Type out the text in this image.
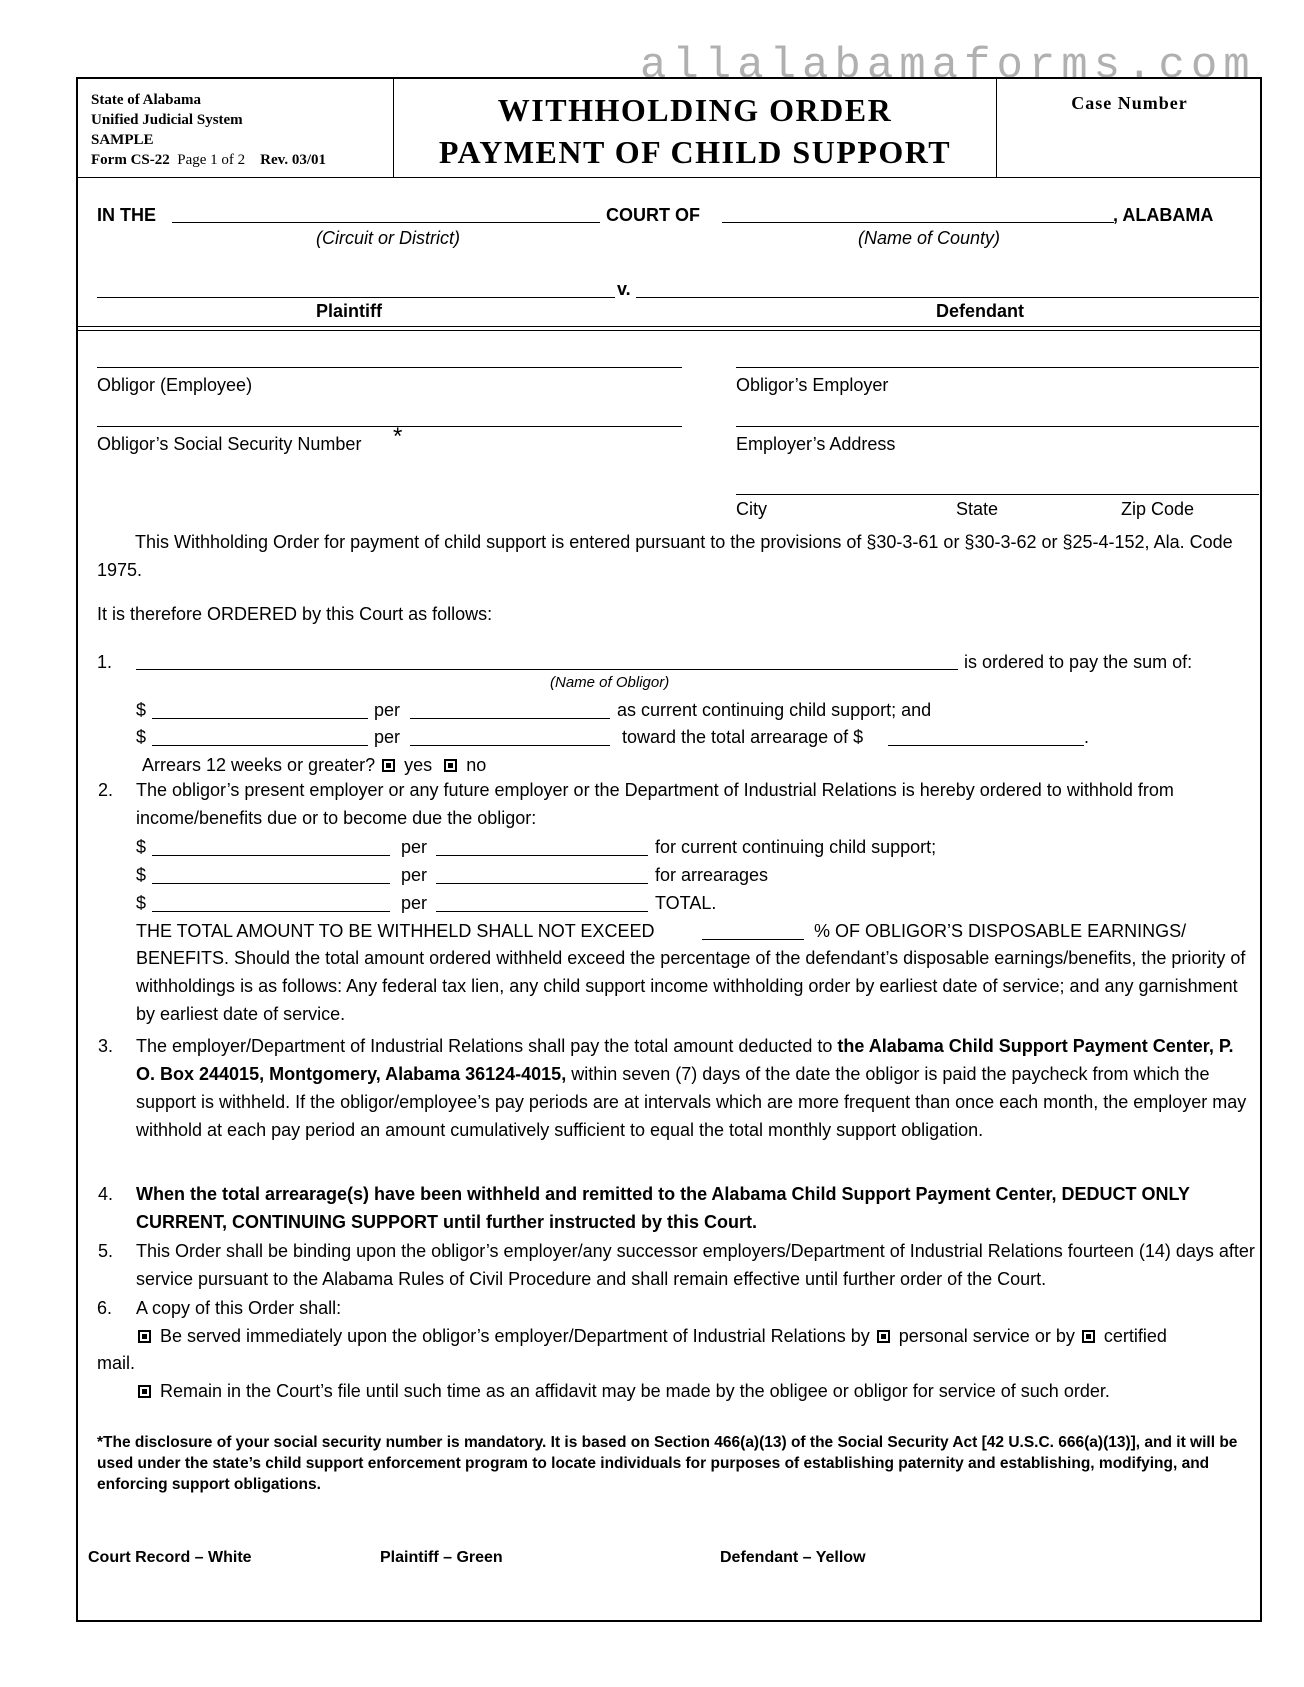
allalabamaforms.com
State of Alabama
Unified Judicial System
SAMPLE
Form CS-22 Page 1 of 2 Rev. 03/01
WITHHOLDING ORDER
PAYMENT OF CHILD SUPPORT
Case Number
IN THE	COURT OF	, ALABAMA
(Circuit or District)	(Name of County)
v.
Plaintiff	Defendant
Obligor (Employee)	Obligor’s Employer
Obligor’s Social Security Number *	Employer’s Address
City	State	Zip Code
This Withholding Order for payment of child support is entered pursuant to the provisions of §30-3-61 or §30-3-62 or §25-4-152, Ala. Code 1975.
It is therefore ORDERED by this Court as follows:
1.	is ordered to pay the sum of:
(Name of Obligor)
$	per	as current continuing child support; and
$	per	toward the total arrearage of $	.
Arrears 12 weeks or greater? yes no
2. The obligor’s present employer or any future employer or the Department of Industrial Relations is hereby ordered to withhold from income/benefits due or to become due the obligor:
$	per	for current continuing child support;
$	per	for arrearages
$	per	TOTAL.
THE TOTAL AMOUNT TO BE WITHHELD SHALL NOT EXCEED	% OF OBLIGOR’S DISPOSABLE EARNINGS/
BENEFITS. Should the total amount ordered withheld exceed the percentage of the defendant’s disposable earnings/benefits, the priority of withholdings is as follows: Any federal tax lien, any child support income withholding order by earliest date of service; and any garnishment by earliest date of service.
3. The employer/Department of Industrial Relations shall pay the total amount deducted to the Alabama Child Support Payment Center, P. O. Box 244015, Montgomery, Alabama 36124-4015, within seven (7) days of the date the obligor is paid the paycheck from which the support is withheld. If the obligor/employee’s pay periods are at intervals which are more frequent than once each month, the employer may withhold at each pay period an amount cumulatively sufficient to equal the total monthly support obligation.
4. When the total arrearage(s) have been withheld and remitted to the Alabama Child Support Payment Center, DEDUCT ONLY CURRENT, CONTINUING SUPPORT until further instructed by this Court.
5. This Order shall be binding upon the obligor’s employer/any successor employers/Department of Industrial Relations fourteen (14) days after service pursuant to the Alabama Rules of Civil Procedure and shall remain effective until further order of the Court.
6. A copy of this Order shall:
Be served immediately upon the obligor’s employer/Department of Industrial Relations by personal service or by certified
mail.
Remain in the Court’s file until such time as an affidavit may be made by the obligee or obligor for service of such order.
*The disclosure of your social security number is mandatory. It is based on Section 466(a)(13) of the Social Security Act [42 U.S.C. 666(a)(13)], and it will be used under the state’s child support enforcement program to locate individuals for purposes of establishing paternity and establishing, modifying, and enforcing support obligations.
Court Record – White	Plaintiff – Green	Defendant – Yellow
